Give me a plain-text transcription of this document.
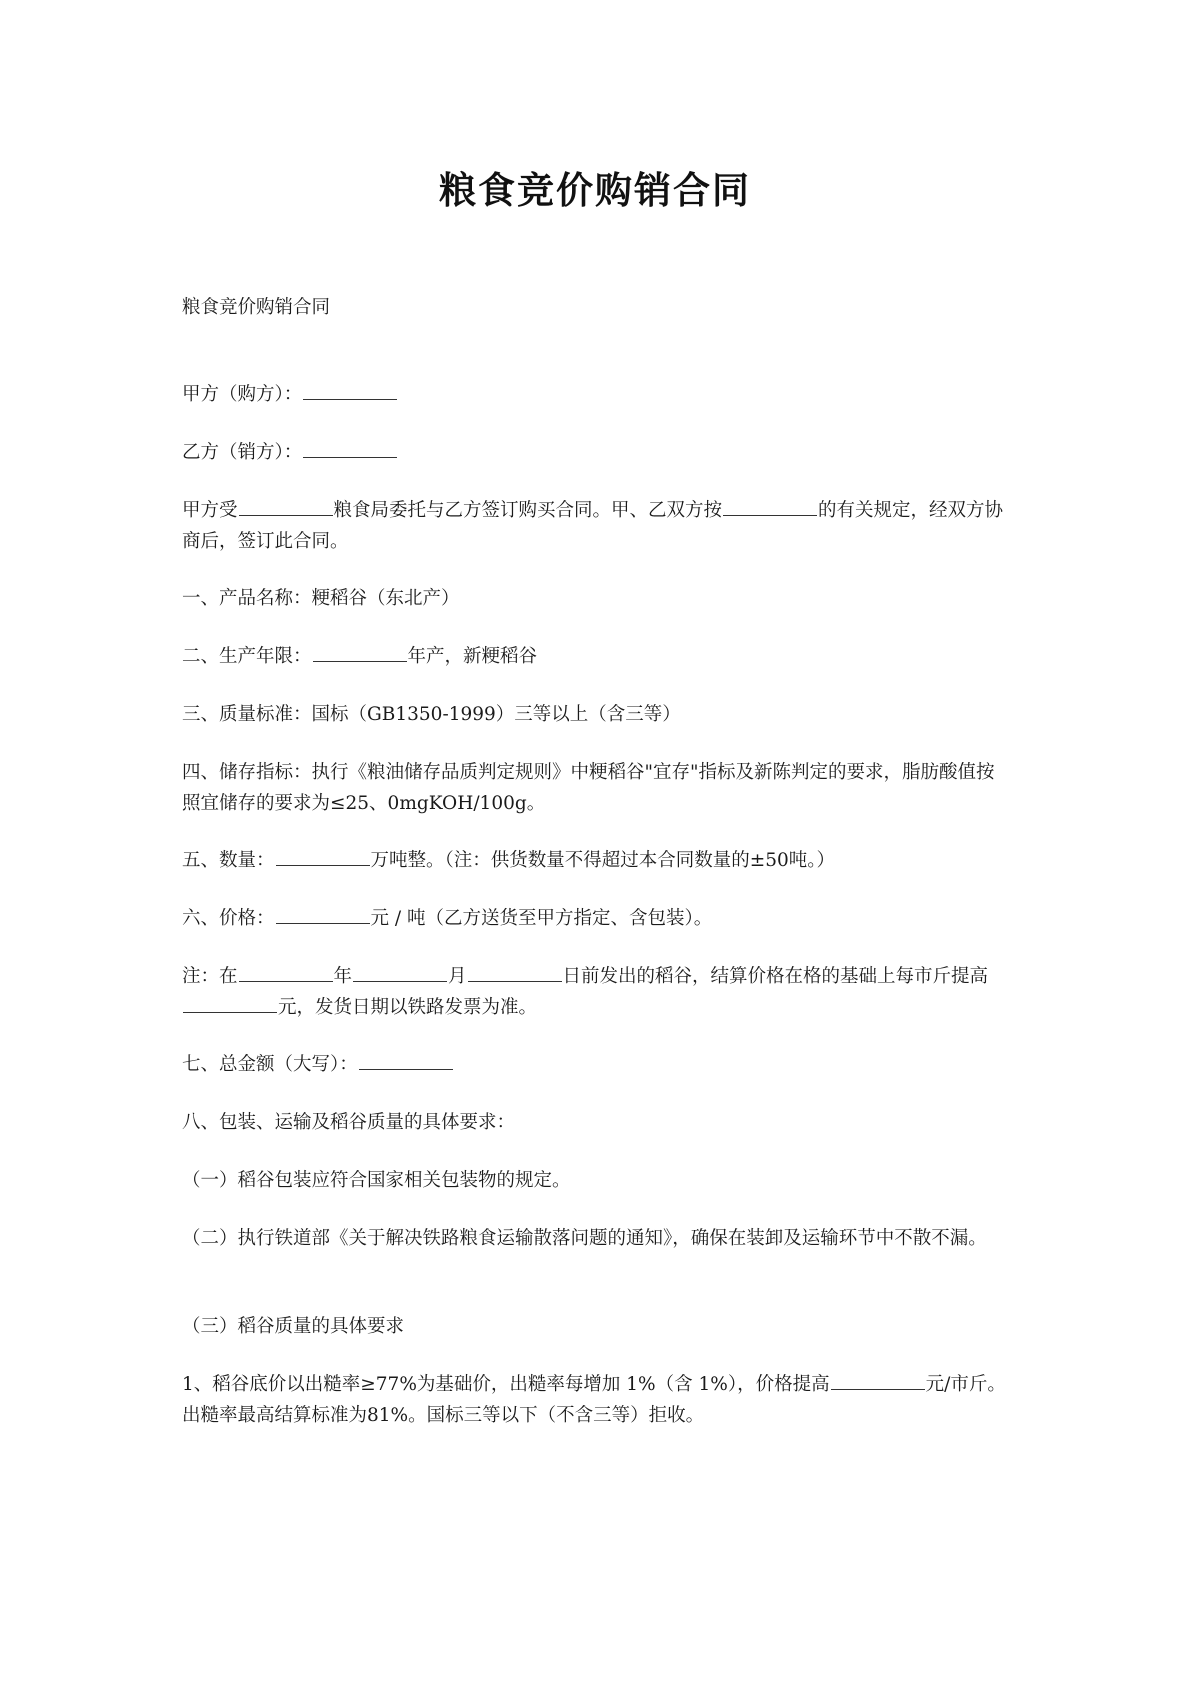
粮食竞价购销合同

粮食竞价购销合同

甲方（购方）：

乙方（销方）：

甲方受	粮食局委托与乙方签订购买合同。甲、乙双方按	的有关规定，经双方协商后，签订此合同。

一、产品名称：粳稻谷（东北产）

二、生产年限：	年产，新粳稻谷

三、质量标准：国标（GB1350-1999）三等以上（含三等）

四、储存指标：执行《粮油储存品质判定规则》中粳稻谷"宜存"指标及新陈判定的要求，脂肪酸值按照宜储存的要求为≤25、0mgKOH/100g。

五、数量：	万吨整。（注：供货数量不得超过本合同数量的±50吨。）

六、价格：	元 / 吨（乙方送货至甲方指定、含包装）。

注：在	年	月	日前发出的稻谷，结算价格在格的基础上每市斤提高元，发货日期以铁路发票为准。

七、总金额（大写）：

八、包装、运输及稻谷质量的具体要求：

（一）稻谷包装应符合国家相关包装物的规定。

（二）执行铁道部《关于解决铁路粮食运输散落问题的通知》，确保在装卸及运输环节中不散不漏。

（三）稻谷质量的具体要求

1、稻谷底价以出糙率≥77%为基础价，出糙率每增加 1%（含 1%），价格提高	元/市斤。出糙率最高结算标准为81%。国标三等以下（不含三等）拒收。
